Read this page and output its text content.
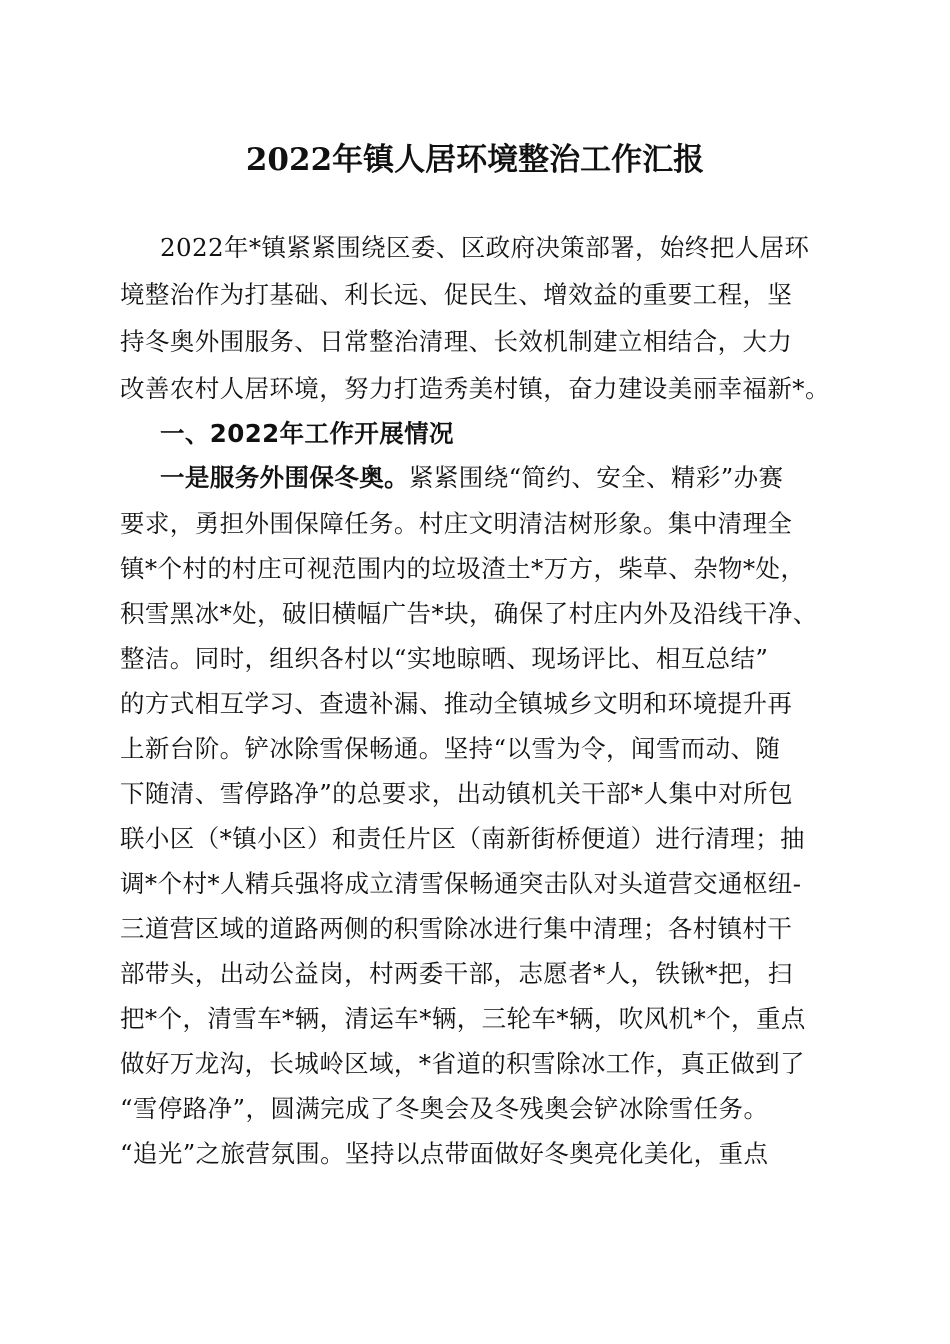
2022年镇人居环境整治工作汇报

2022年*镇紧紧围绕区委、区政府决策部署，始终把人居环

境整治作为打基础、利长远、促民生、增效益的重要工程，坚

持冬奥外围服务、日常整治清理、长效机制建立相结合，大力

改善农村人居环境，努力打造秀美村镇，奋力建设美丽幸福新*。

一、2022年工作开展情况

一是服务外围保冬奥。紧紧围绕“简约、安全、精彩”办赛

要求，勇担外围保障任务。村庄文明清洁树形象。集中清理全

镇*个村的村庄可视范围内的垃圾渣土*万方，柴草、杂物*处，

积雪黑冰*处，破旧横幅广告*块，确保了村庄内外及沿线干净、

整洁。同时，组织各村以“实地晾晒、现场评比、相互总结”

的方式相互学习、查遗补漏、推动全镇城乡文明和环境提升再

上新台阶。铲冰除雪保畅通。坚持“以雪为令，闻雪而动、随

下随清、雪停路净”的总要求，出动镇机关干部*人集中对所包

联小区（*镇小区）和责任片区（南新街桥便道）进行清理；抽

调*个村*人精兵强将成立清雪保畅通突击队对头道营交通枢纽-

三道营区域的道路两侧的积雪除冰进行集中清理；各村镇村干

部带头，出动公益岗，村两委干部，志愿者*人，铁锹*把，扫

把*个，清雪车*辆，清运车*辆，三轮车*辆，吹风机*个，重点

做好万龙沟，长城岭区域，*省道的积雪除冰工作，真正做到了

“雪停路净”，圆满完成了冬奥会及冬残奥会铲冰除雪任务。

“追光”之旅营氛围。坚持以点带面做好冬奥亮化美化，重点
